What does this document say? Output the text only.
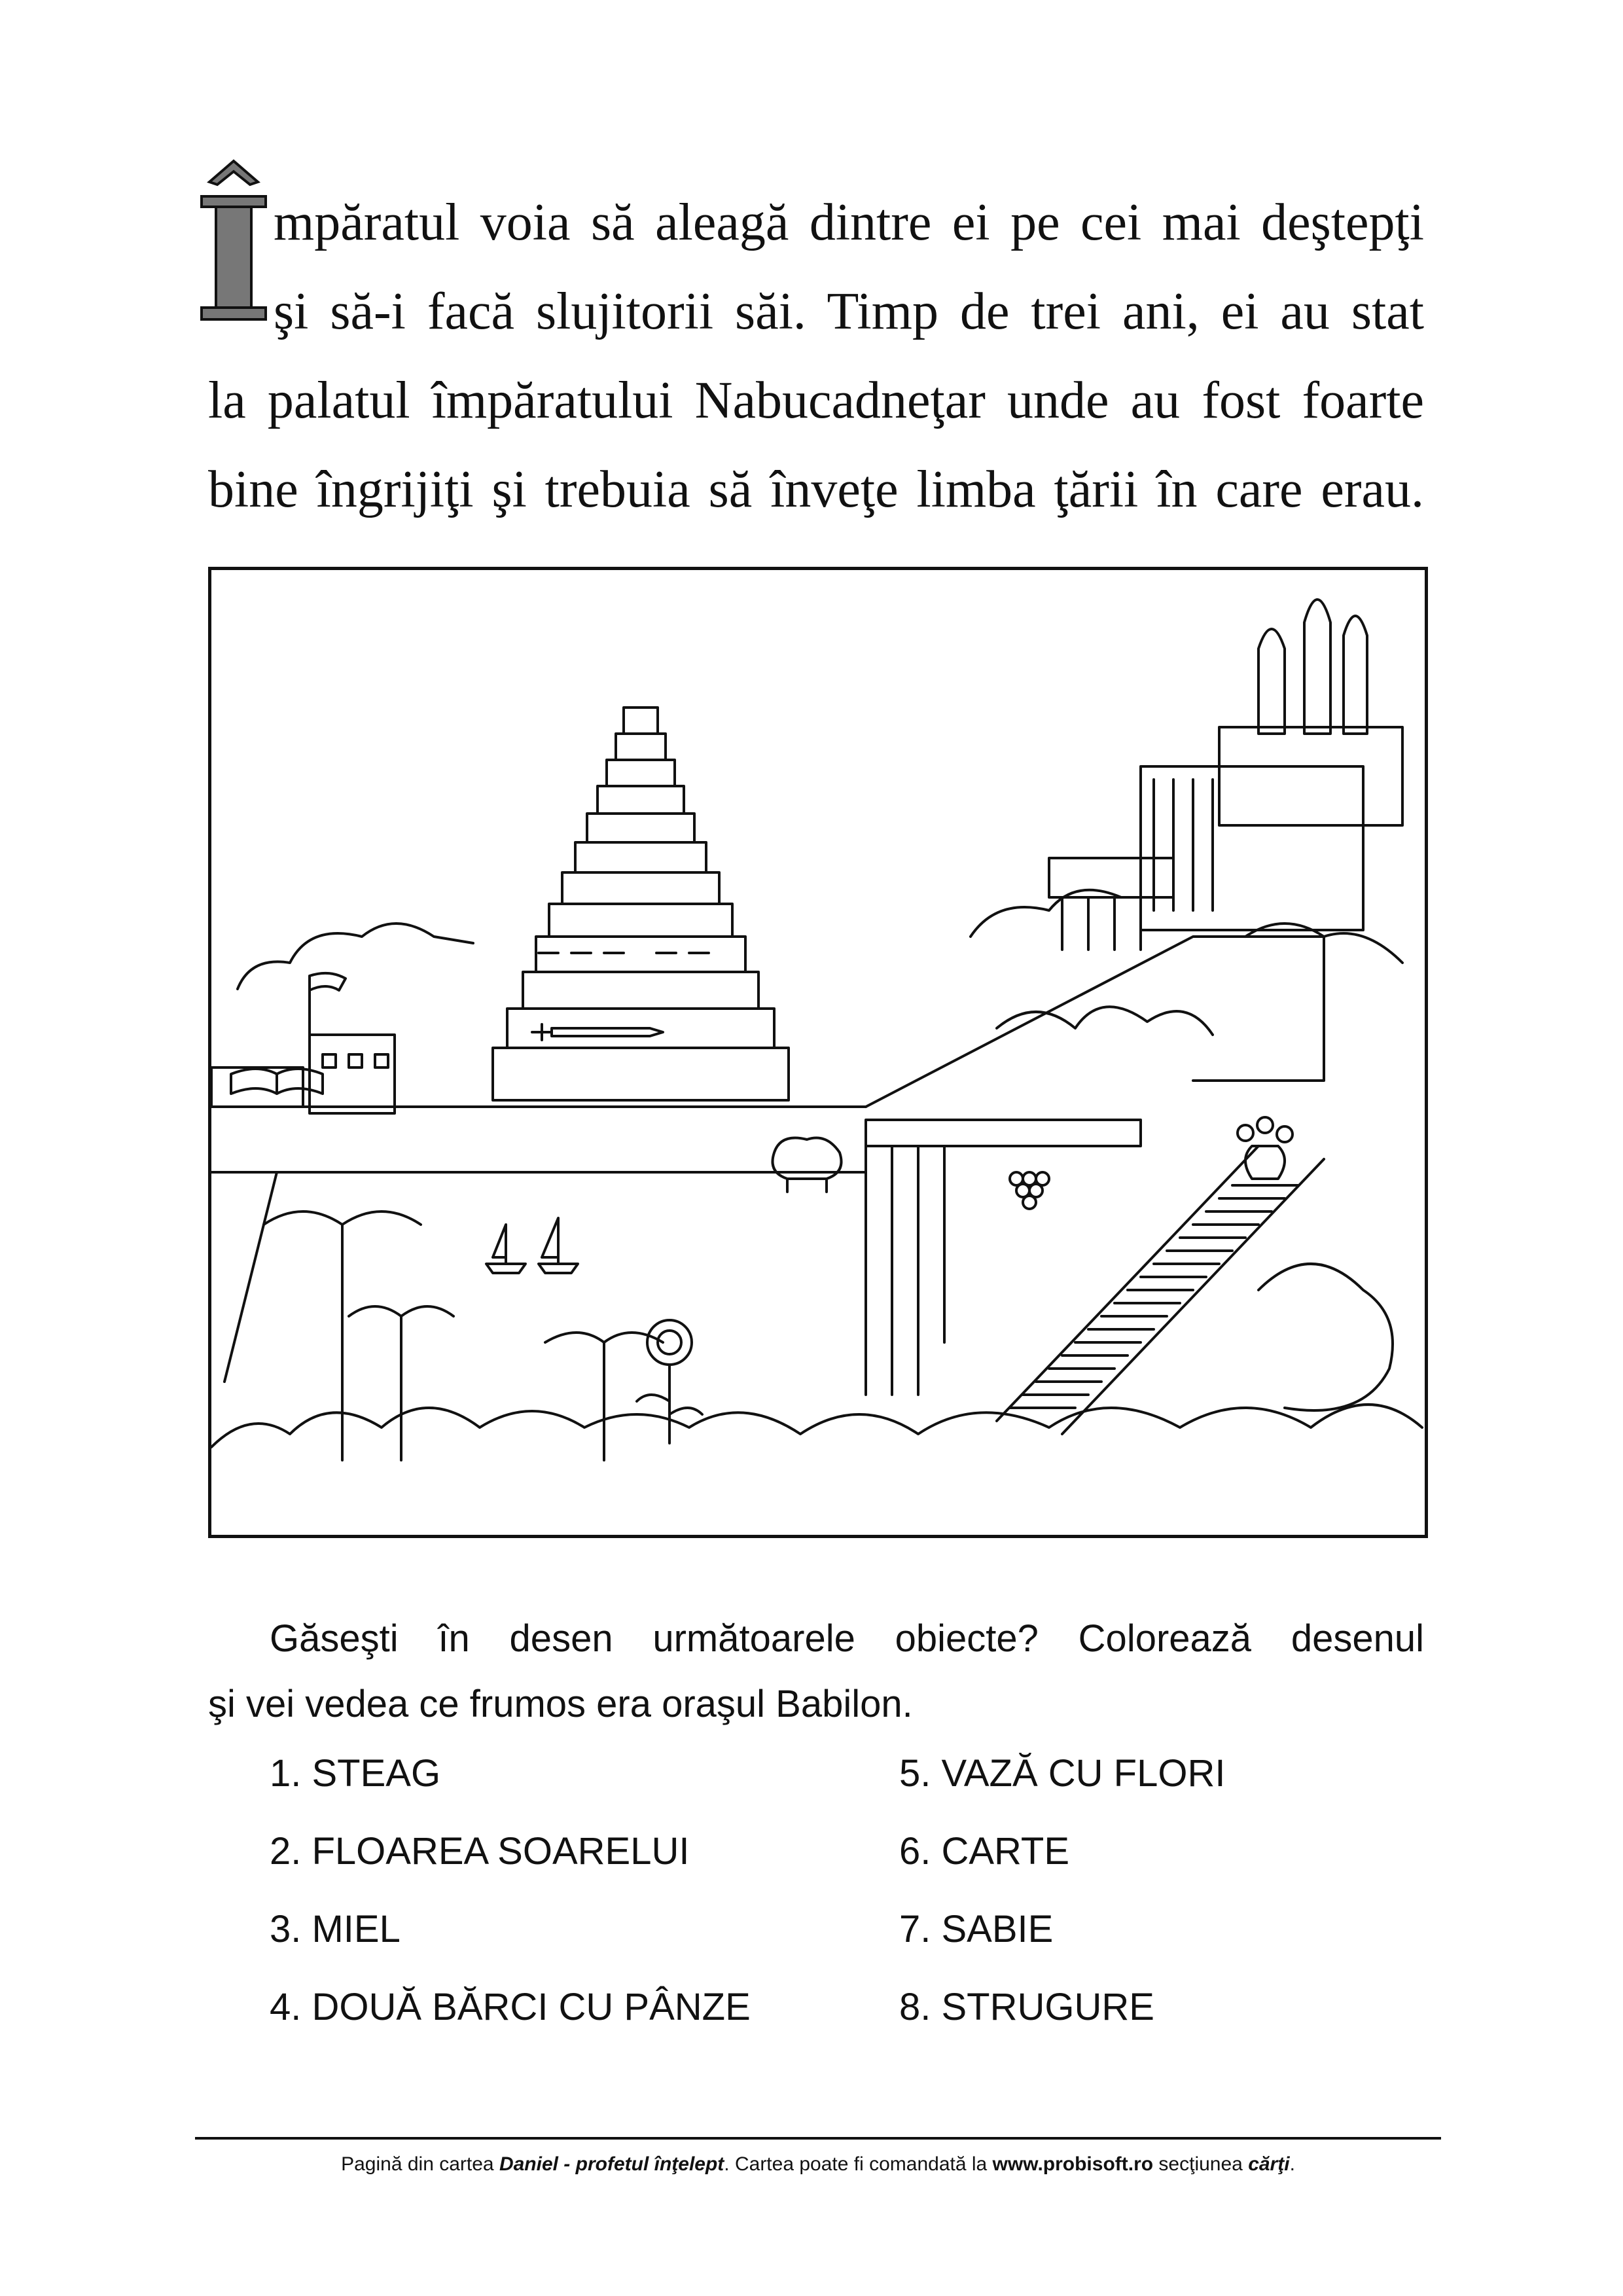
Î
mpăratul voia să aleagă dintre ei pe cei mai deştepţi
şi să-i facă slujitorii săi. Timp de trei ani, ei au stat
la palatul împăratului Nabucadneţar unde au fost foarte
bine îngrijiţi şi trebuia să înveţe limba ţării în care erau.
Găseşti în desen următoarele obiecte? Colorează desenul
şi vei vedea ce frumos era oraşul Babilon.
1. STEAG
2. FLOAREA SOARELUI
3. MIEL
4. DOUĂ BĂRCI CU PÂNZE
5. VAZĂ CU FLORI
6. CARTE
7. SABIE
8. STRUGURE
Pagină din cartea Daniel - profetul înţelept. Cartea poate fi comandată la www.probisoft.ro secţiunea cărţi.
